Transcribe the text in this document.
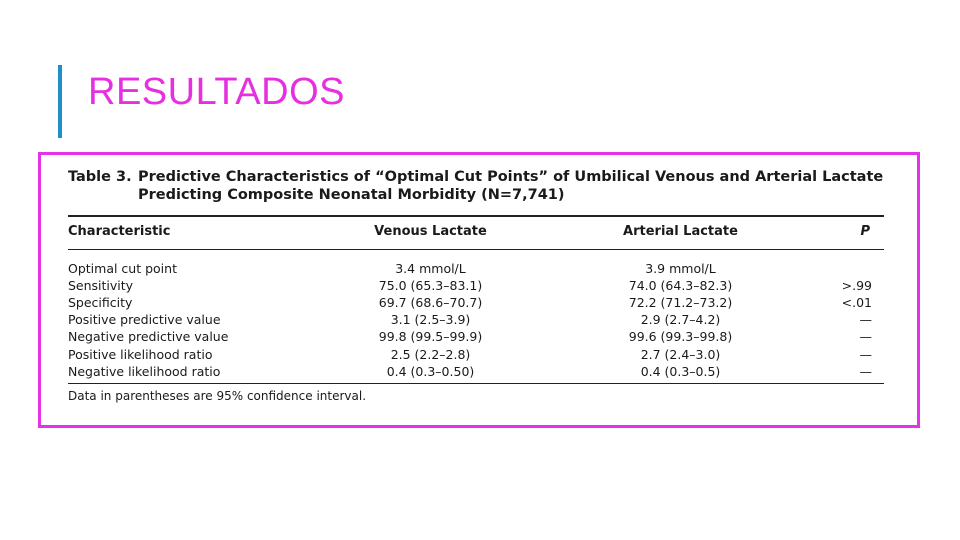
RESULTADOS
Table 3. Predictive Characteristics of “Optimal Cut Points” of Umbilical Venous and Arterial Lactate
Predicting Composite Neonatal Morbidity (N=7,741)
Characteristic	Venous Lactate	Arterial Lactate	P
Optimal cut point	3.4 mmol/L	3.9 mmol/L
Sensitivity	75.0 (65.3–83.1)	74.0 (64.3–82.3)	>.99
Specificity	69.7 (68.6–70.7)	72.2 (71.2–73.2)	<.01
Positive predictive value	3.1 (2.5–3.9)	2.9 (2.7–4.2)	—
Negative predictive value	99.8 (99.5–99.9)	99.6 (99.3–99.8)	—
Positive likelihood ratio	2.5 (2.2–2.8)	2.7 (2.4–3.0)	—
Negative likelihood ratio	0.4 (0.3–0.50)	0.4 (0.3–0.5)	—
Data in parentheses are 95% confidence interval.
